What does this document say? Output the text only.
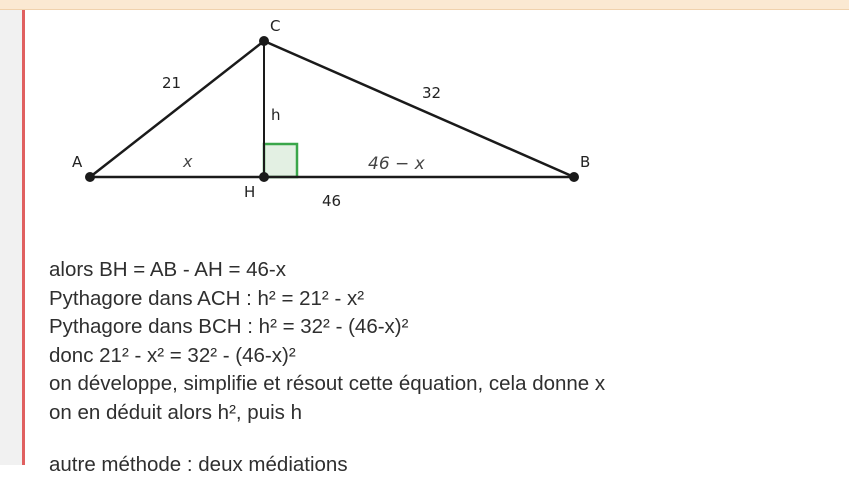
A	B
C
H
21
32
h
x	46 − x
46
alors BH = AB - AH = 46-x
Pythagore dans ACH : h² = 21² - x²
Pythagore dans BCH : h² = 32² - (46-x)²
donc 21² - x² = 32² - (46-x)²
on développe, simplifie et résout cette équation, cela donne x
on en déduit alors h², puis h
autre méthode : deux médiations
